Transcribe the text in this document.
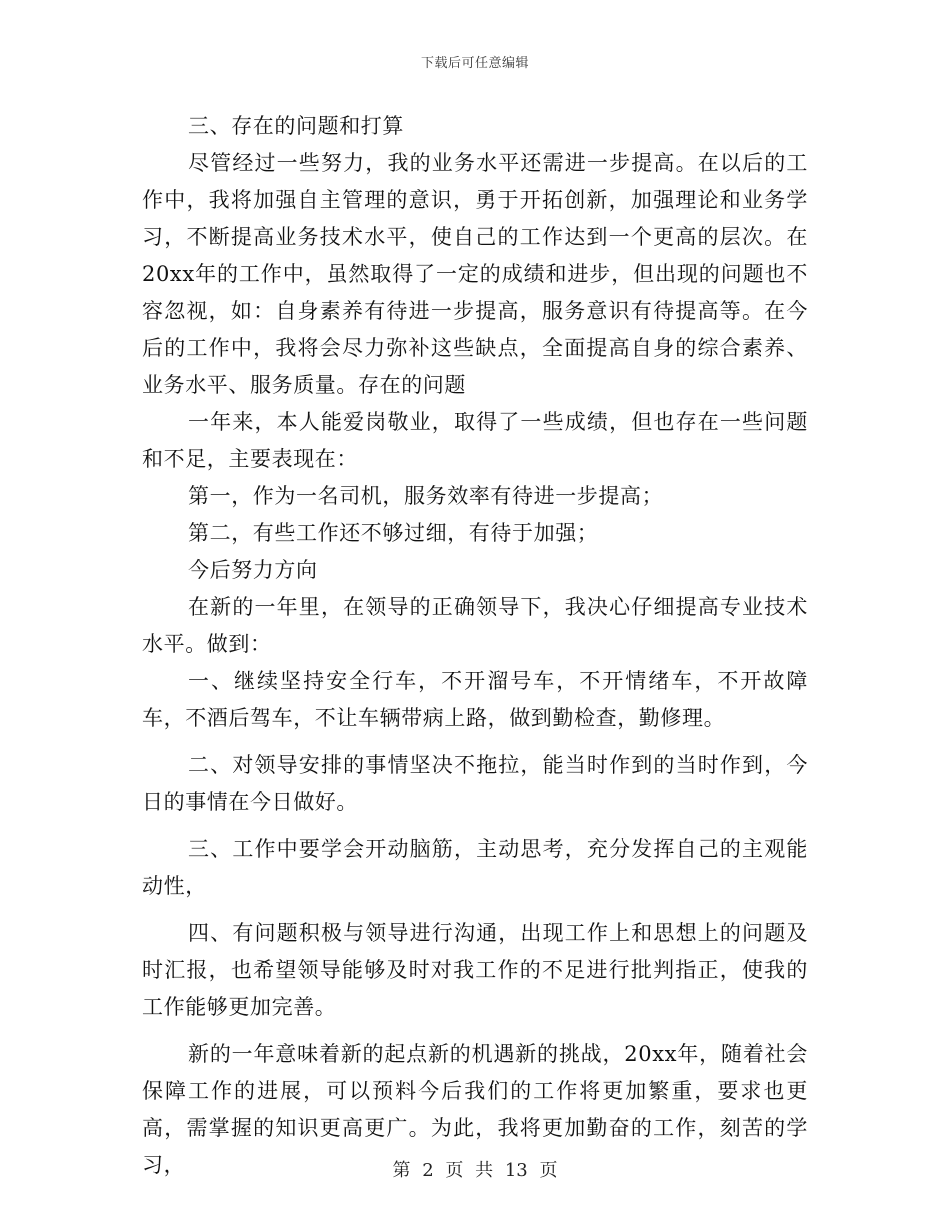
下载后可任意编辑

三、存在的问题和打算

尽管经过一些努力，我的业务水平还需进一步提高。在以后的工作中，我将加强自主管理的意识，勇于开拓创新，加强理论和业务学习，不断提高业务技术水平，使自己的工作达到一个更高的层次。在20xx年的工作中，虽然取得了一定的成绩和进步，但出现的问题也不容忽视，如：自身素养有待进一步提高，服务意识有待提高等。在今后的工作中，我将会尽力弥补这些缺点，全面提高自身的综合素养、业务水平、服务质量。存在的问题

一年来，本人能爱岗敬业，取得了一些成绩，但也存在一些问题和不足，主要表现在：

第一，作为一名司机，服务效率有待进一步提高；

第二，有些工作还不够过细，有待于加强；

今后努力方向

在新的一年里，在领导的正确领导下，我决心仔细提高专业技术水平。做到：

一、继续坚持安全行车，不开溜号车，不开情绪车，不开故障车，不酒后驾车，不让车辆带病上路，做到勤检查，勤修理。

二、对领导安排的事情坚决不拖拉，能当时作到的当时作到，今日的事情在今日做好。

三、工作中要学会开动脑筋，主动思考，充分发挥自己的主观能动性，

四、有问题积极与领导进行沟通，出现工作上和思想上的问题及时汇报，也希望领导能够及时对我工作的不足进行批判指正，使我的工作能够更加完善。

新的一年意味着新的起点新的机遇新的挑战，20xx年，随着社会保障工作的进展，可以预料今后我们的工作将更加繁重，要求也更高，需掌握的知识更高更广。为此，我将更加勤奋的工作，刻苦的学习，	第 2 页 共 13 页
